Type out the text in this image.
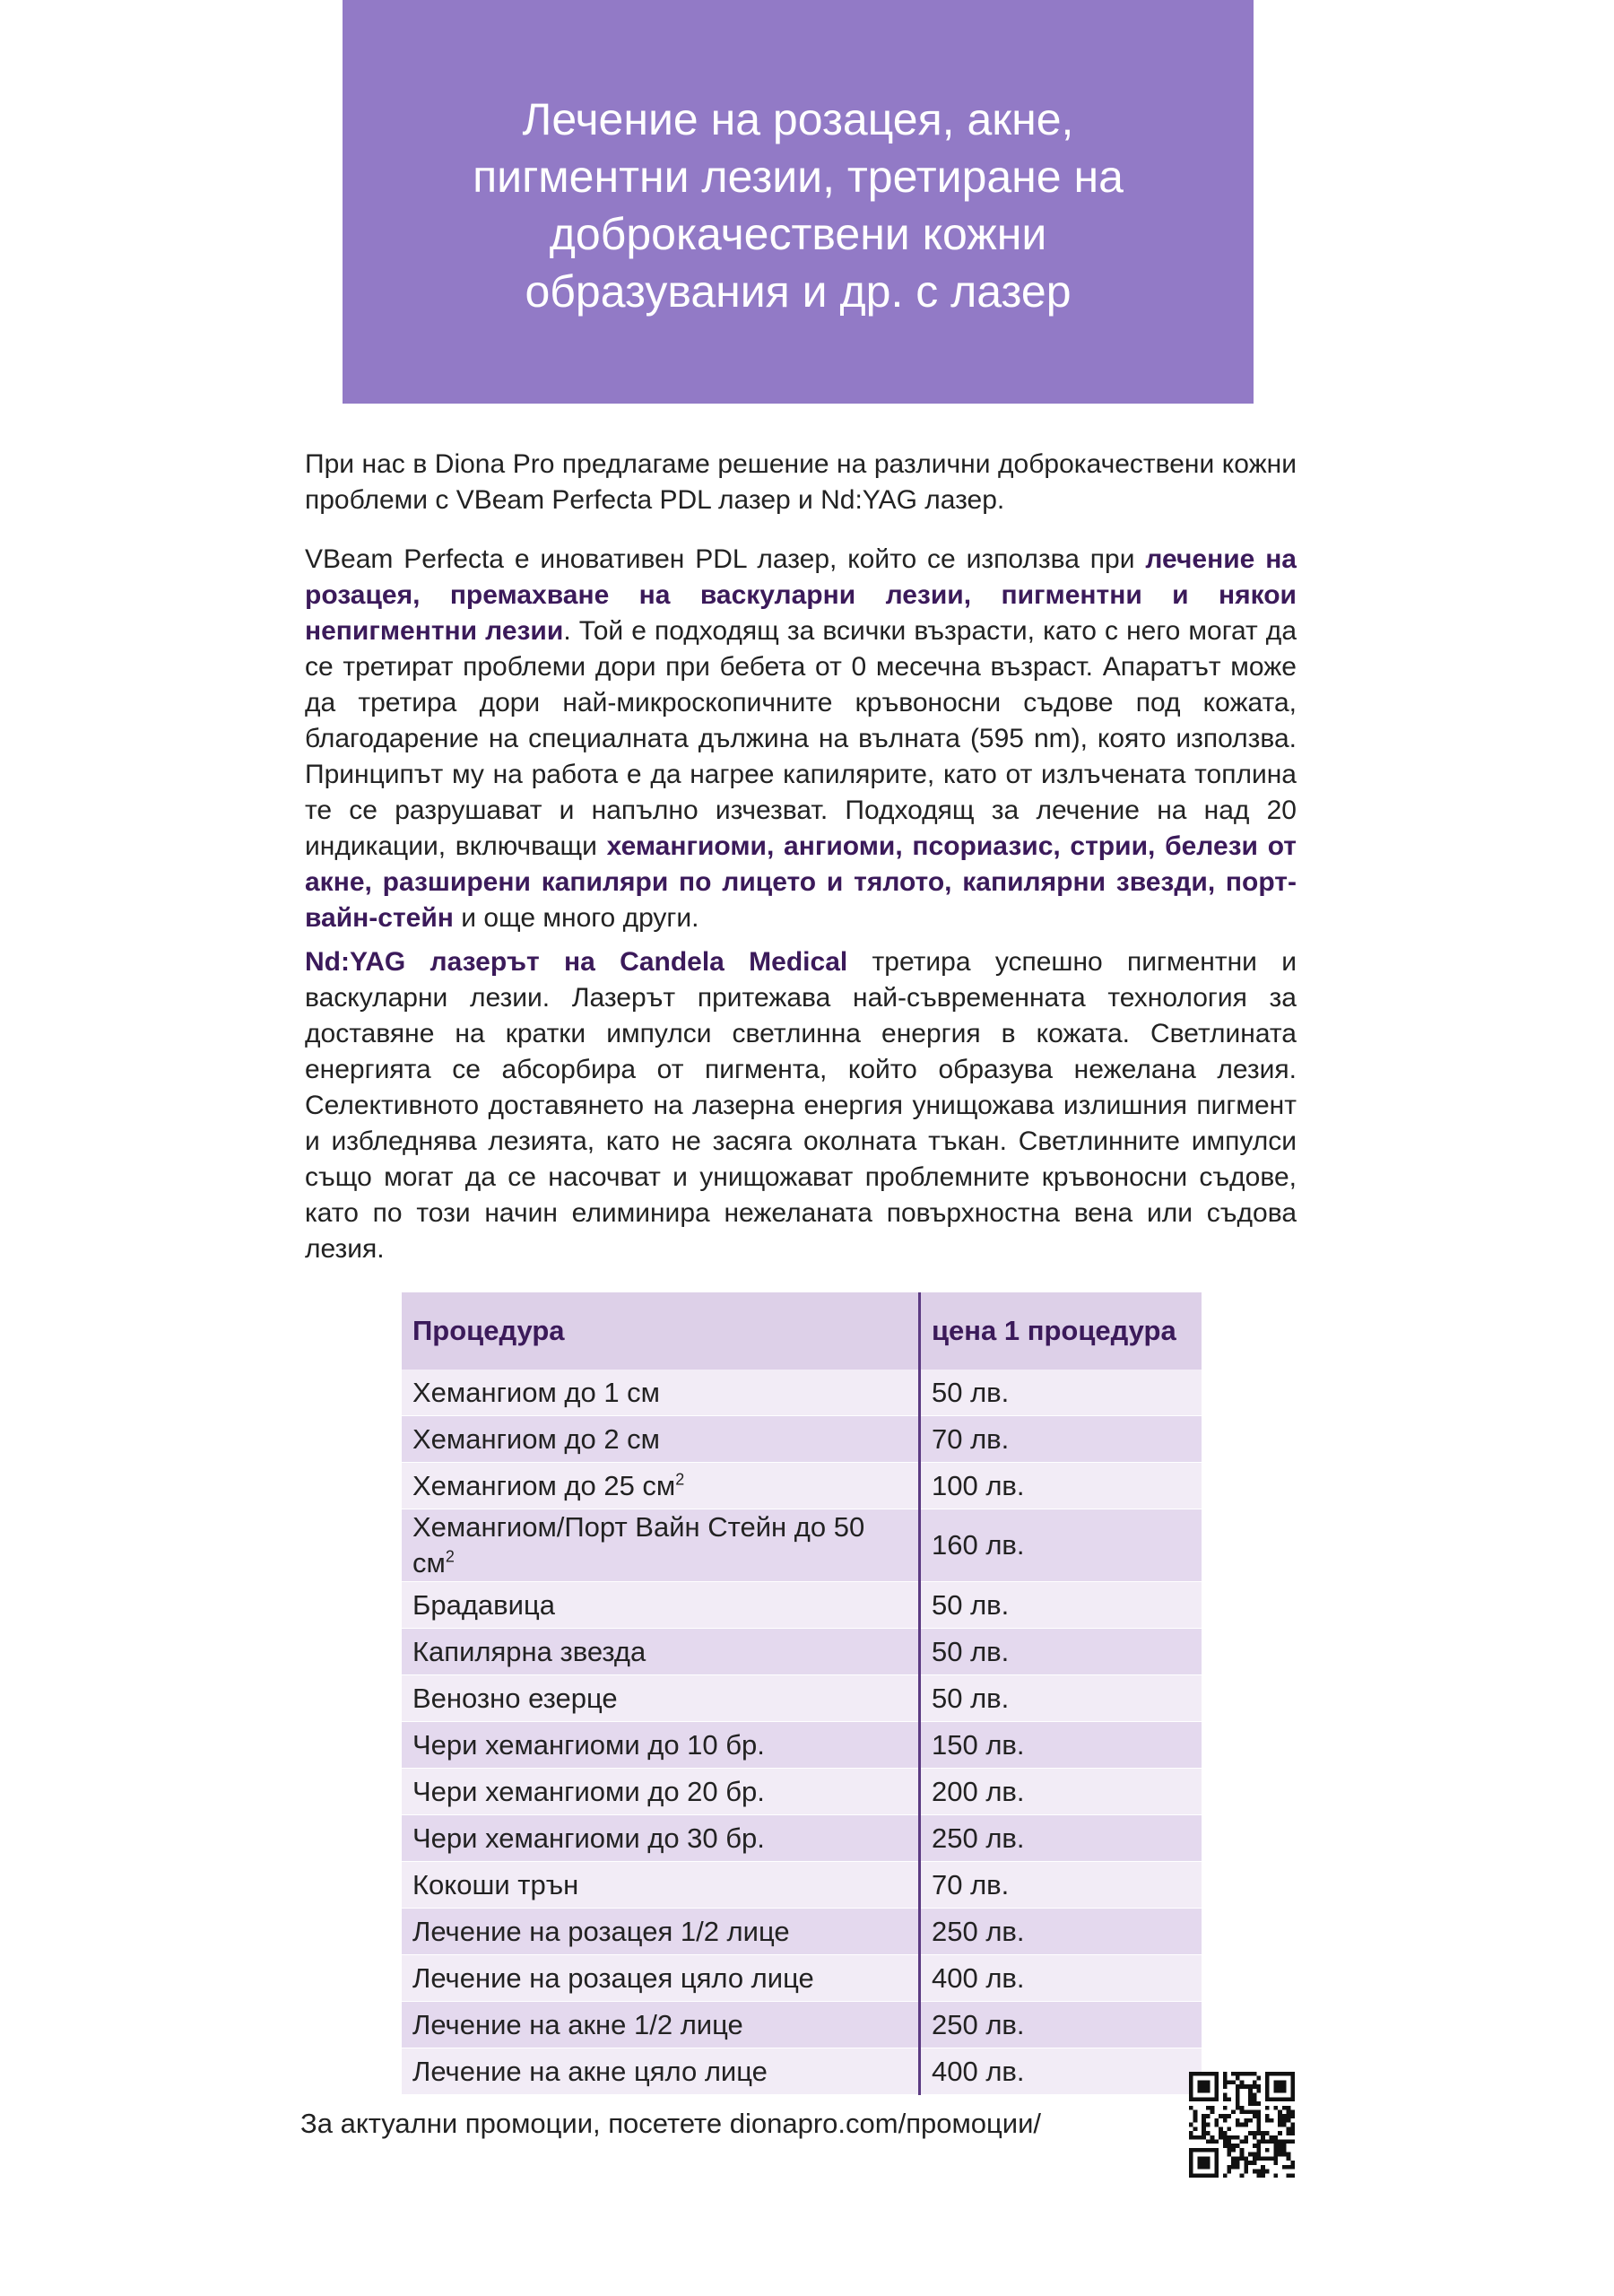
Лечение на розацея, акне, пигментни лезии, третиране на доброкачествени кожни образувания и др. с лазер

При нас в Diona Pro предлагаме решение на различни доброкачествени кожни проблеми с VBeam Perfecta PDL лазер и Nd:YAG лазер.

VBeam Perfecta е иновативен PDL лазер, който се използва при лечение на розацея, премахване на васкуларни лезии, пигментни и някои непигментни лезии. Той е подходящ за всички възрасти, като с него могат да се третират проблеми дори при бебета от 0 месечна възраст. Апаратът може да третира дори най-микроскопичните кръвоносни съдове под кожата, благодарение на специалната дължина на вълната (595 nm), която използва. Принципът му на работа е да нагрее капилярите, като от излъчената топлина те се разрушават и напълно изчезват. Подходящ за лечение на над 20 индикации, включващи хемангиоми, ангиоми, псориазис, стрии, белези от акне, разширени капиляри по лицето и тялото, капилярни звезди, порт-вайн-стейн и още много други.

Nd:YAG лазерът на Candela Medical третира успешно пигментни и васкуларни лезии. Лазерът притежава най-съвременната технология за доставяне на кратки импулси светлинна енергия в кожата. Светлината енергията се абсорбира от пигмента, който образува нежелана лезия. Селективното доставянето на лазерна енергия унищожава излишния пигмент и избледнява лезията, като не засяга околната тъкан. Светлинните импулси също могат да се насочват и унищожават проблемните кръвоносни съдове, като по този начин елиминира нежеланата повърхностна вена или съдова лезия.

Процедура	цена 1 процедура
Хемангиом до 1 см	50 лв.
Хемангиом до 2 см	70 лв.
Хемангиом до 25 $см^2$	100 лв.
Хемангиом/Порт Вайн Стейн до 50 $см^2$	160 лв.
Брадавица	50 лв.
Капилярна звезда	50 лв.
Венозно езерце	50 лв.
Чери хемангиоми до 10 бр.	150 лв.
Чери хемангиоми до 20 бр.	200 лв.
Чери хемангиоми до 30 бр.	250 лв.
Кокоши трън	70 лв.
Лечение на розацея 1/2 лице	250 лв.
Лечение на розацея цяло лице	400 лв.
Лечение на акне 1/2 лице	250 лв.
Лечение на акне цяло лице	400 лв.
За актуални промоции, посетете dionapro.com/промоции/
